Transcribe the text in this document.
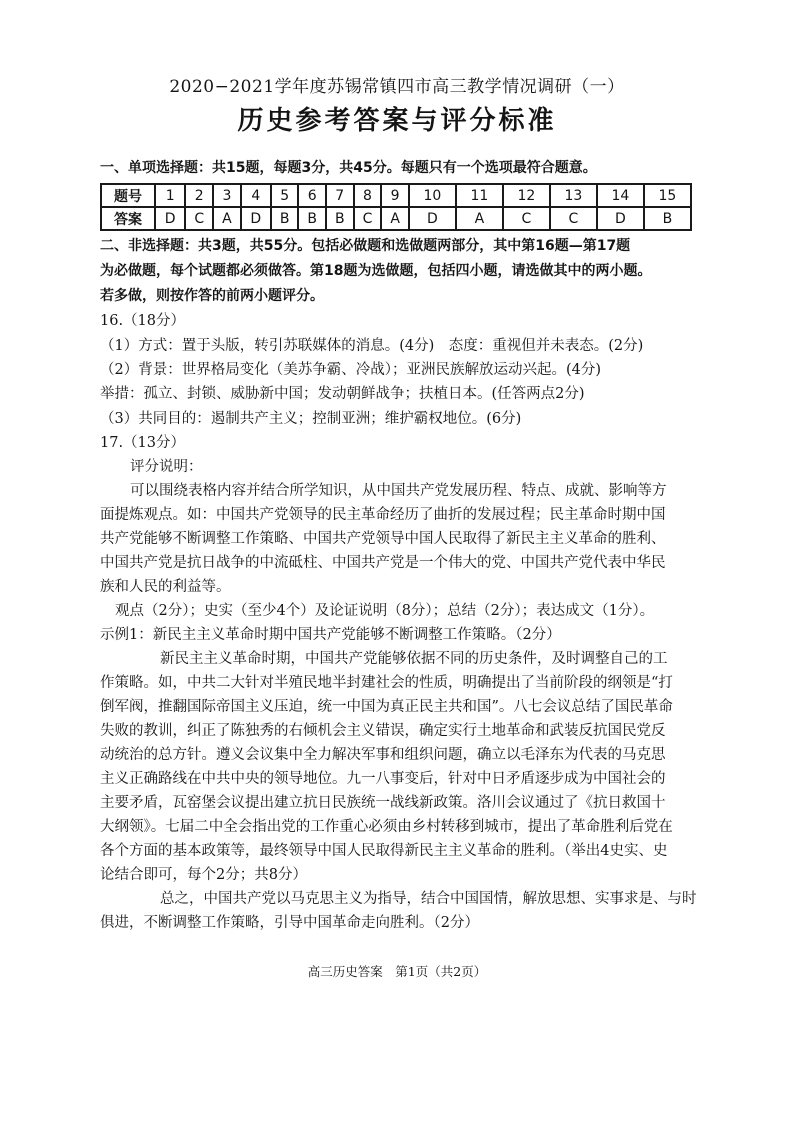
2020−2021学年度苏锡常镇四市高三教学情况调研（一）
历史参考答案与评分标准
一、单项选择题：共15题，每题3分，共45分。每题只有一个选项最符合题意。
题号	1	2	3	4	5	6	7	8	9	10	11	12	13	14	15
答案	D	C	A	D	B	B	B	C	A	D	A	C	C	D	B
二、非选择题：共3题，共55分。包括必做题和选做题两部分，其中第16题—第17题
为必做题，每个试题都必须做答。第18题为选做题，包括四小题，请选做其中的两小题。
若多做，则按作答的前两小题评分。
16.（18分）
（1）方式：置于头版，转引苏联媒体的消息。(4分)　态度：重视但并未表态。(2分)
（2）背景：世界格局变化（美苏争霸、冷战）；亚洲民族解放运动兴起。(4分)
举措：孤立、封锁、威胁新中国；发动朝鲜战争；扶植日本。(任答两点2分)
（3）共同目的：遏制共产主义；控制亚洲；维护霸权地位。(6分)
17.（13分）
评分说明：
可以围绕表格内容并结合所学知识，从中国共产党发展历程、特点、成就、影响等方
面提炼观点。如：中国共产党领导的民主革命经历了曲折的发展过程；民主革命时期中国
共产党能够不断调整工作策略、中国共产党领导中国人民取得了新民主主义革命的胜利、
中国共产党是抗日战争的中流砥柱、中国共产党是一个伟大的党、中国共产党代表中华民
族和人民的利益等。
观点（2分）；史实（至少4个）及论证说明（8分）；总结（2分）；表达成文（1分）。
示例1：新民主主义革命时期中国共产党能够不断调整工作策略。（2分）
新民主主义革命时期，中国共产党能够依据不同的历史条件，及时调整自己的工
作策略。如，中共二大针对半殖民地半封建社会的性质，明确提出了当前阶段的纲领是“打
倒军阀，推翻国际帝国主义压迫，统一中国为真正民主共和国”。八七会议总结了国民革命
失败的教训，纠正了陈独秀的右倾机会主义错误，确定实行土地革命和武装反抗国民党反
动统治的总方针。遵义会议集中全力解决军事和组织问题，确立以毛泽东为代表的马克思
主义正确路线在中共中央的领导地位。九一八事变后，针对中日矛盾逐步成为中国社会的
主要矛盾，瓦窑堡会议提出建立抗日民族统一战线新政策。洛川会议通过了《抗日救国十
大纲领》。七届二中全会指出党的工作重心必须由乡村转移到城市，提出了革命胜利后党在
各个方面的基本政策等，最终领导中国人民取得新民主主义革命的胜利。（举出4史实、史
论结合即可，每个2分；共8分）
总之，中国共产党以马克思主义为指导，结合中国国情，解放思想、实事求是、与时
俱进，不断调整工作策略，引导中国革命走向胜利。（2分）
高三历史答案　第1页（共2页）
